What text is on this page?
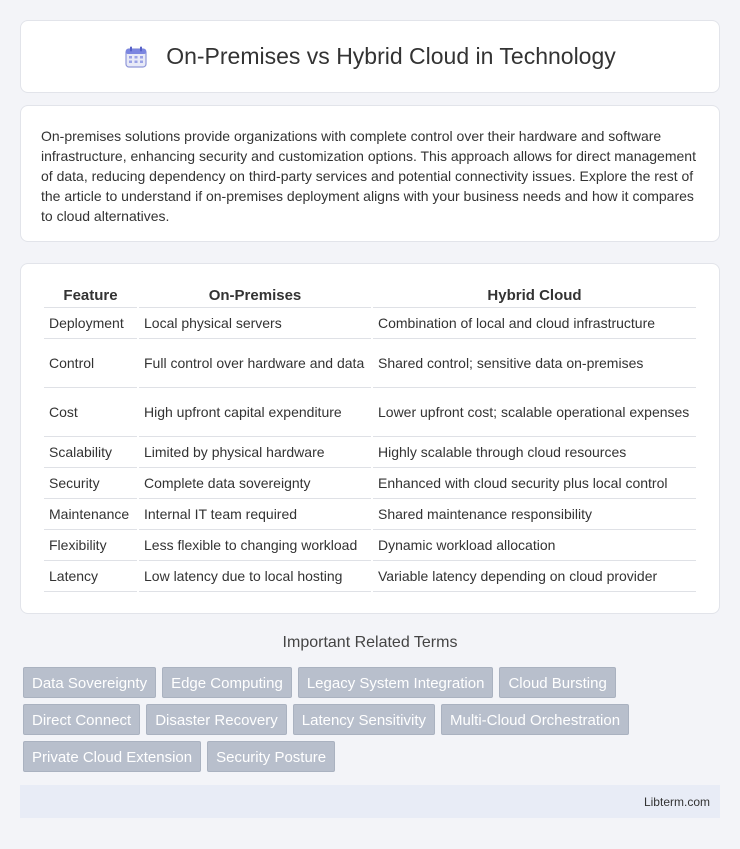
On-Premises vs Hybrid Cloud in Technology

On-premises solutions provide organizations with complete control over their hardware and software infrastructure, enhancing security and customization options. This approach allows for direct management of data, reducing dependency on third-party services and potential connectivity issues. Explore the rest of the article to understand if on-premises deployment aligns with your business needs and how it compares to cloud alternatives.

Feature	On-Premises	Hybrid Cloud
Deployment	Local physical servers	Combination of local and cloud infrastructure
Control	Full control over hardware and data	Shared control; sensitive data on-premises
Cost	High upfront capital expenditure	Lower upfront cost; scalable operational expenses
Scalability	Limited by physical hardware	Highly scalable through cloud resources
Security	Complete data sovereignty	Enhanced with cloud security plus local control
Maintenance	Internal IT team required	Shared maintenance responsibility
Flexibility	Less flexible to changing workload	Dynamic workload allocation
Latency	Low latency due to local hosting	Variable latency depending on cloud provider
Important Related Terms
Data Sovereignty	Edge Computing	Legacy System Integration	Cloud Bursting
Direct Connect	Disaster Recovery	Latency Sensitivity	Multi-Cloud Orchestration
Private Cloud Extension	Security Posture
Libterm.com
